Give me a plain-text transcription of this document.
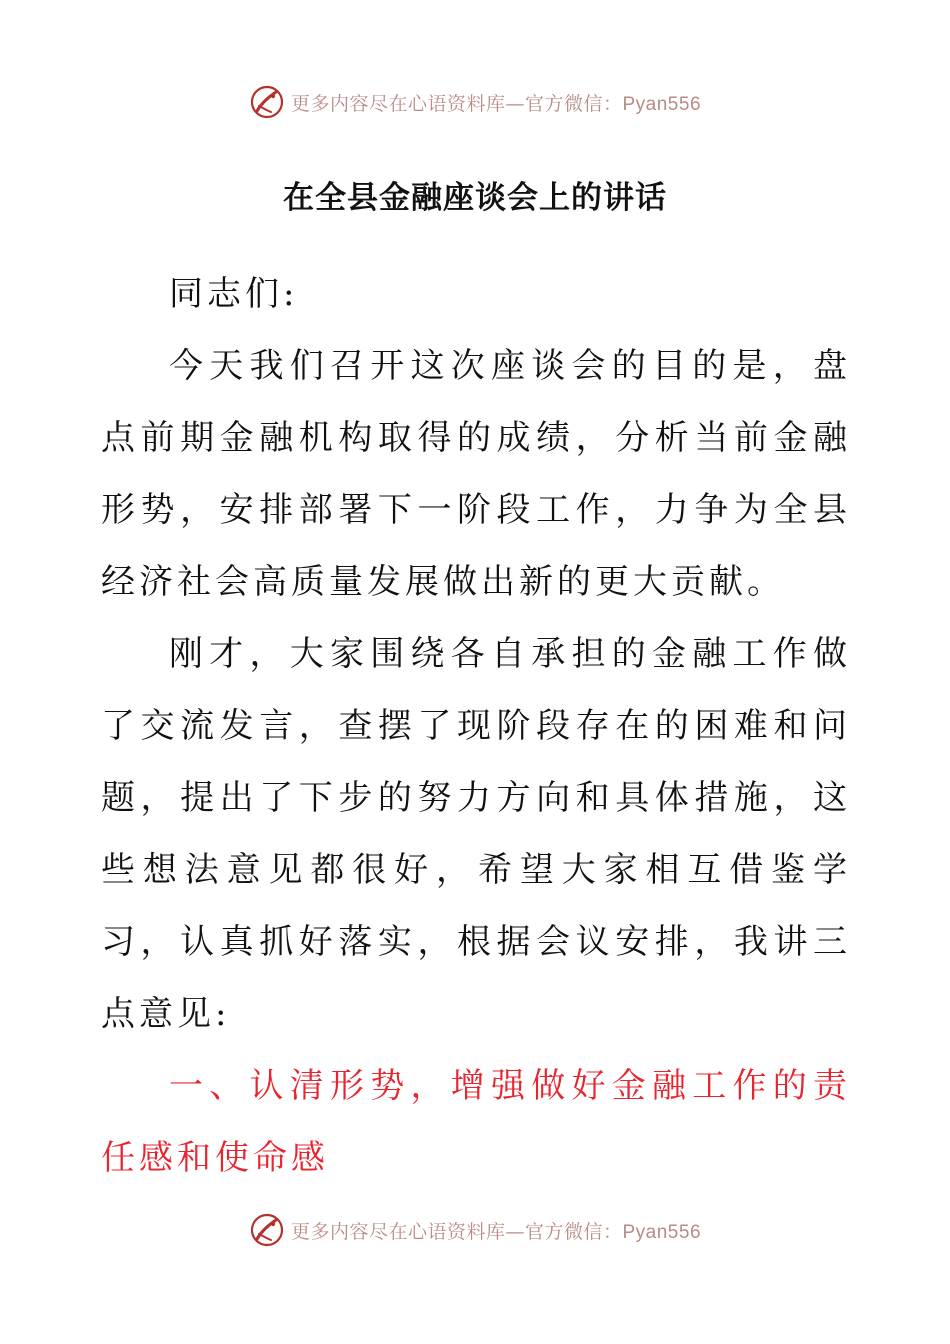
更多内容尽在心语资料库—官方微信：Pyan556
在全县金融座谈会上的讲话

同志们:

今天我们召开这次座谈会的目的是，盘点前期金融机构取得的成绩，分析当前金融形势，安排部署下一阶段工作，力争为全县经济社会高质量发展做出新的更大贡献。

刚才，大家围绕各自承担的金融工作做了交流发言，查摆了现阶段存在的困难和问题，提出了下步的努力方向和具体措施，这些想法意见都很好，希望大家相互借鉴学习，认真抓好落实，根据会议安排，我讲三点意见:

一、认清形势，增强做好金融工作的责任感和使命感

更多内容尽在心语资料库—官方微信：Pyan556
